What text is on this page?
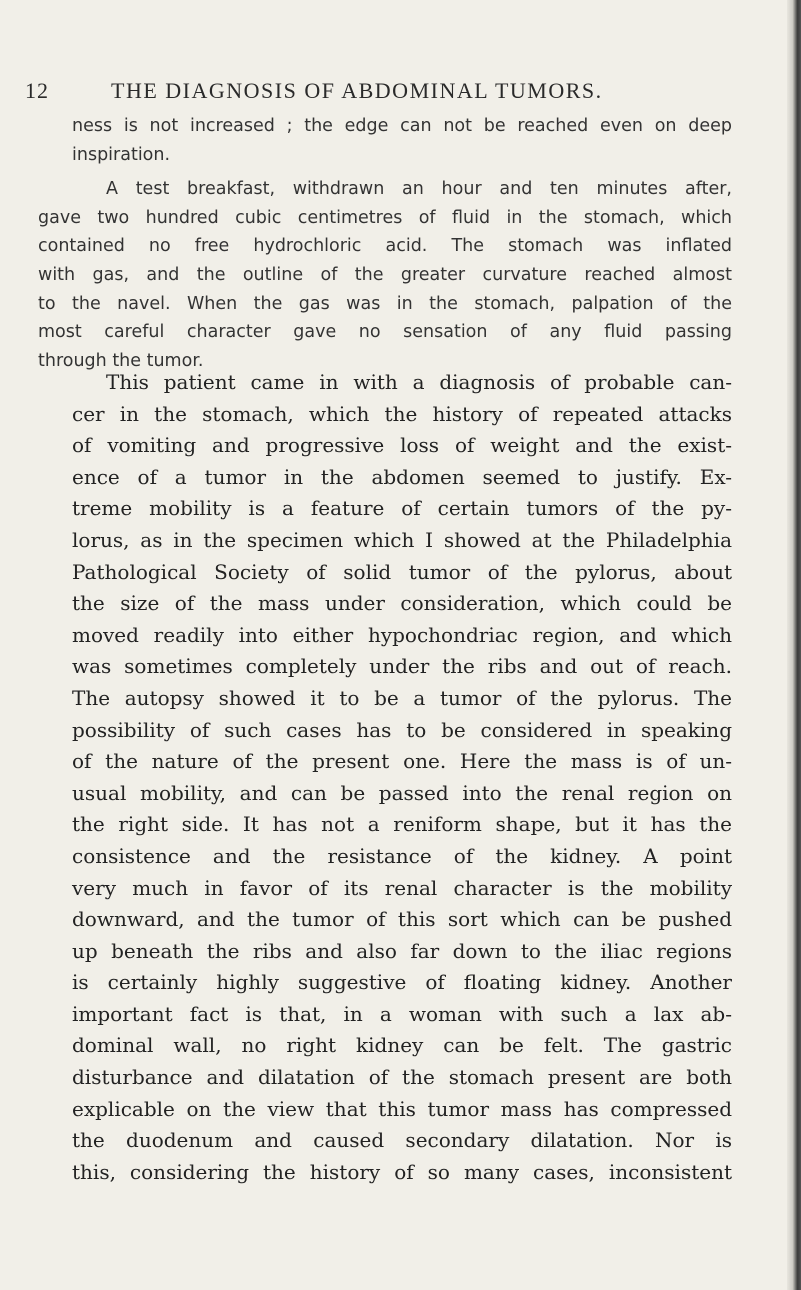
12	THE DIAGNOSIS OF ABDOMINAL TUMORS.

ness is not increased ; the edge can not be reached even on deep
inspiration.

A test breakfast, withdrawn an hour and ten minutes after,
gave two hundred cubic centimetres of fluid in the stomach, which
contained no free hydrochloric acid. The stomach was inflated
with gas, and the outline of the greater curvature reached almost
to the navel. When the gas was in the stomach, palpation of the
most careful character gave no sensation of any fluid passing
through the tumor.

This patient came in with a diagnosis of probable can-
cer in the stomach, which the history of repeated attacks
of vomiting and progressive loss of weight and the exist-
ence of a tumor in the abdomen seemed to justify. Ex-
treme mobility is a feature of certain tumors of the py-
lorus, as in the specimen which I showed at the Philadelphia
Pathological Society of solid tumor of the pylorus, about
the size of the mass under consideration, which could be
moved readily into either hypochondriac region, and which
was sometimes completely under the ribs and out of reach.
The autopsy showed it to be a tumor of the pylorus. The
possibility of such cases has to be considered in speaking
of the nature of the present one. Here the mass is of un-
usual mobility, and can be passed into the renal region on
the right side. It has not a reniform shape, but it has the
consistence and the resistance of the kidney. A point
very much in favor of its renal character is the mobility
downward, and the tumor of this sort which can be pushed
up beneath the ribs and also far down to the iliac regions
is certainly highly suggestive of floating kidney. Another
important fact is that, in a woman with such a lax ab-
dominal wall, no right kidney can be felt. The gastric
disturbance and dilatation of the stomach present are both
explicable on the view that this tumor mass has compressed
the duodenum and caused secondary dilatation. Nor is
this, considering the history of so many cases, inconsistent
